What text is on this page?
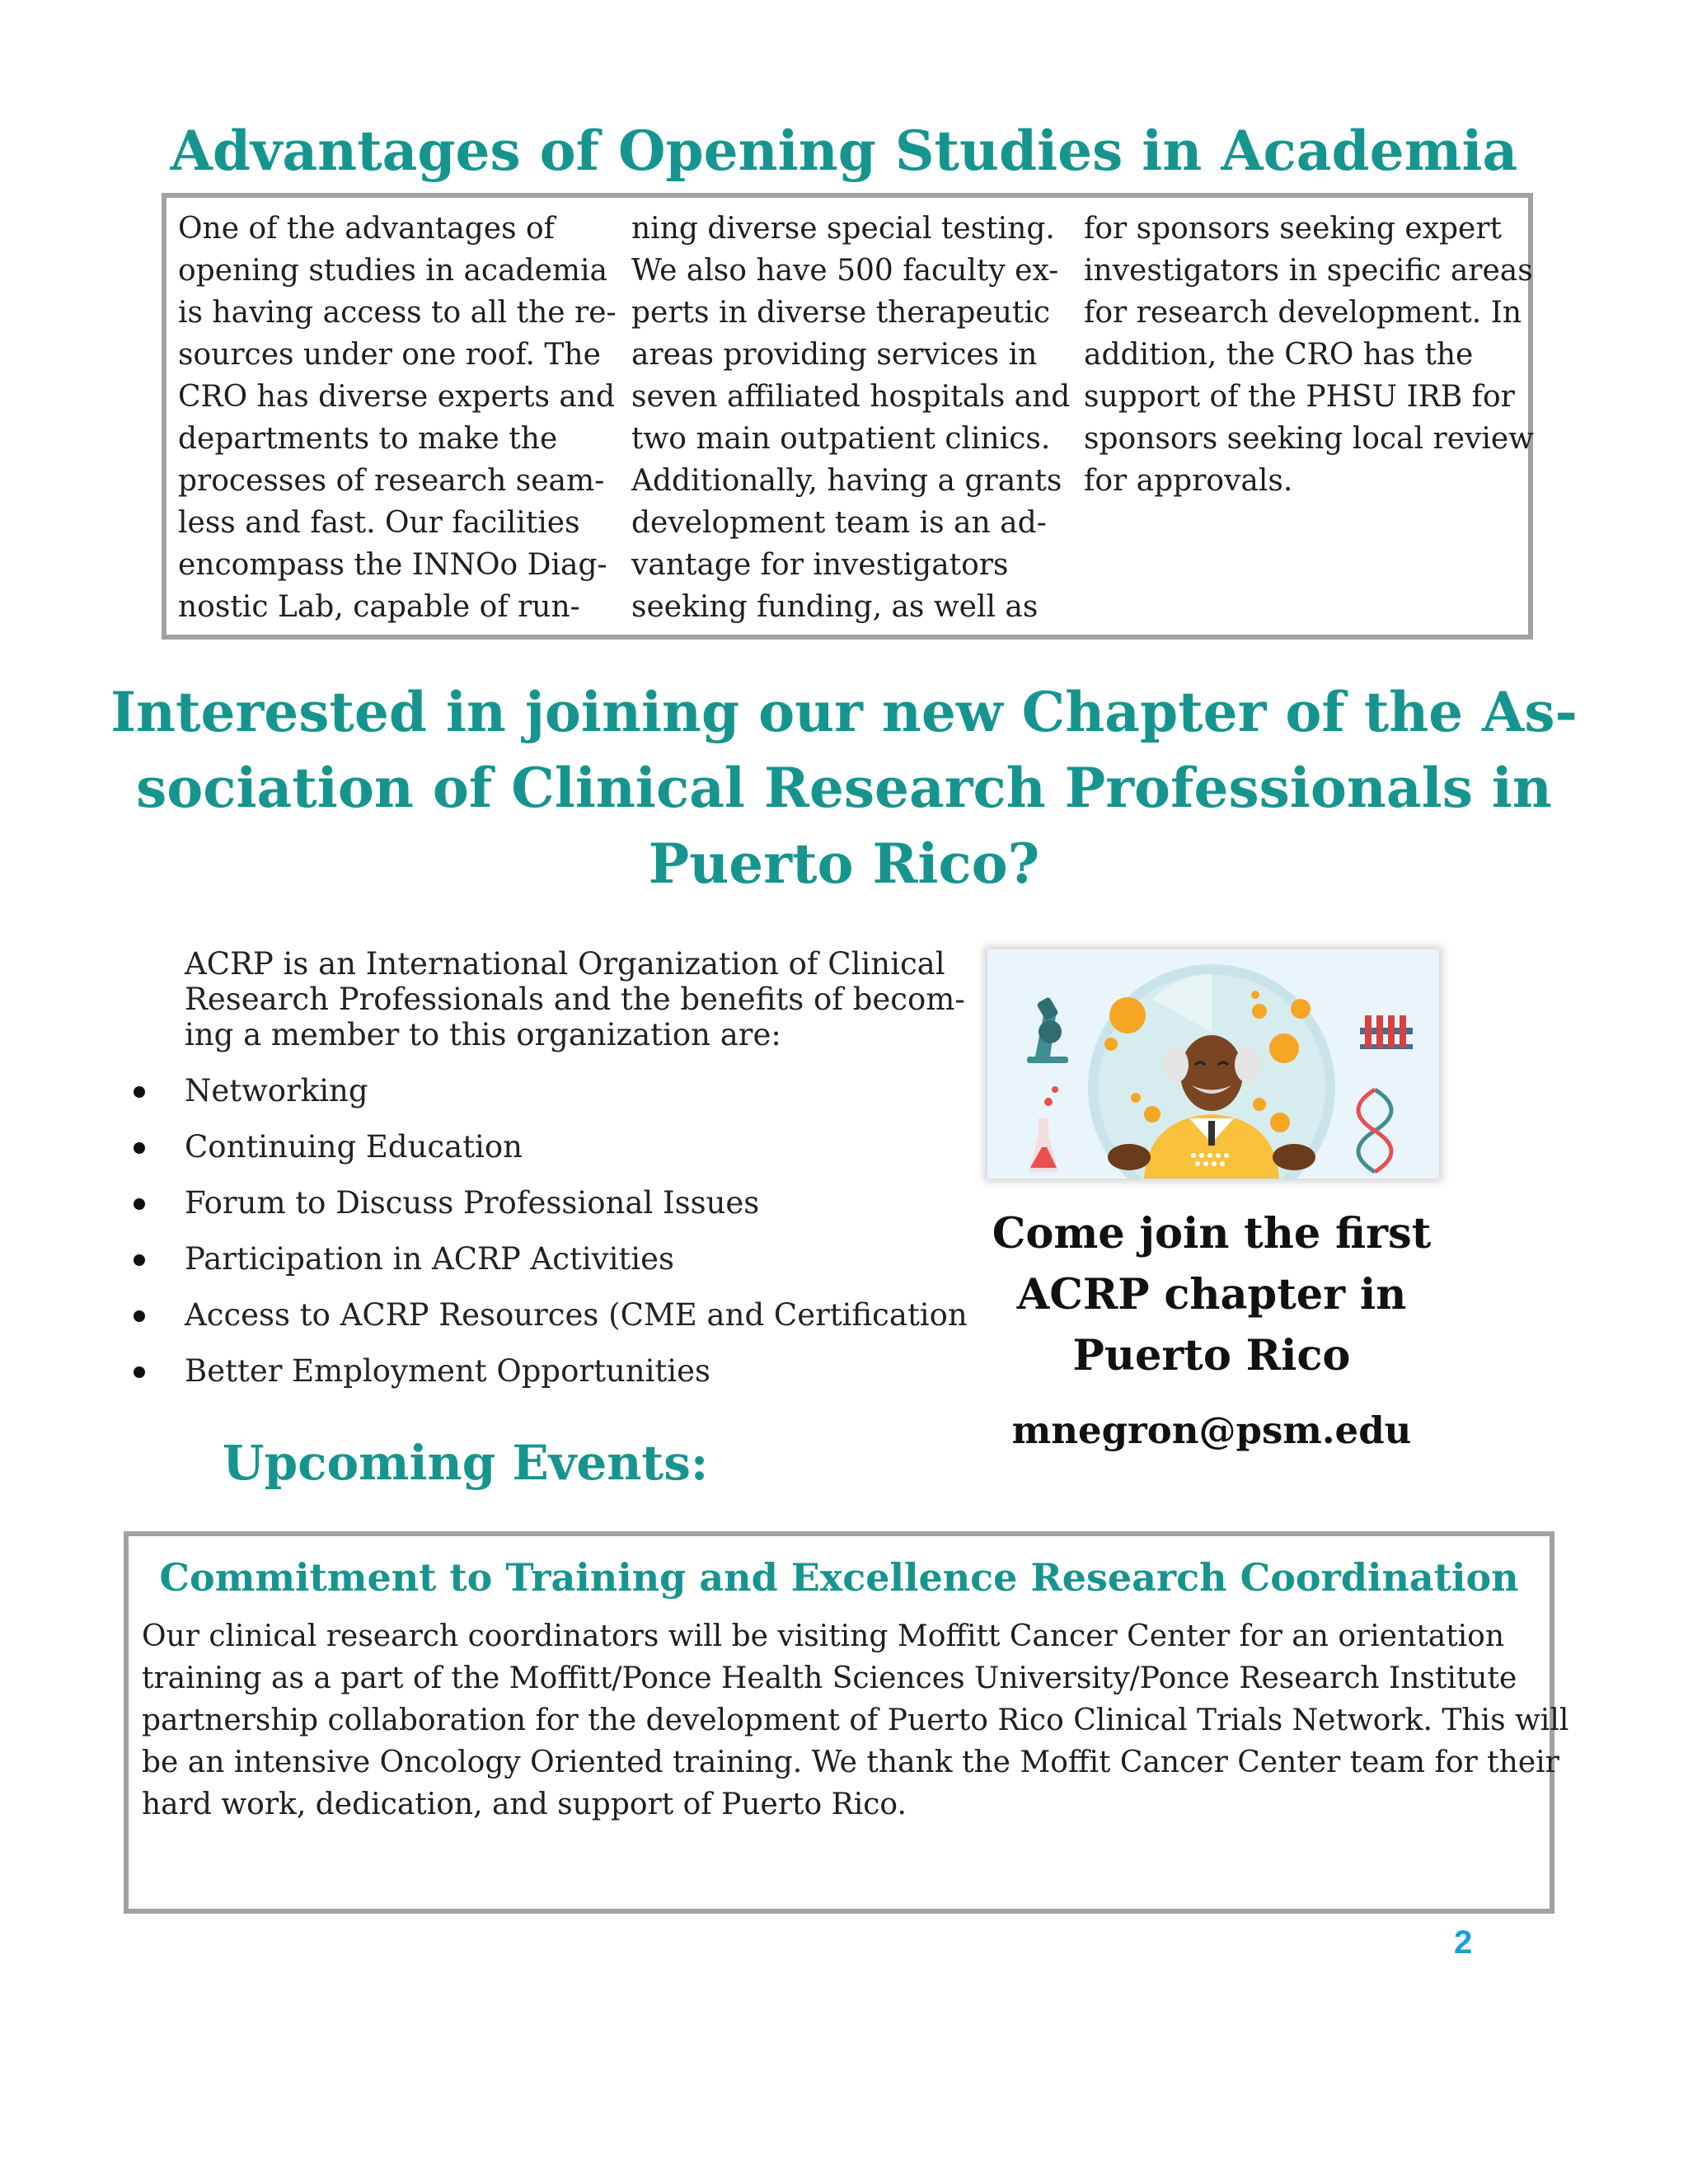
Advantages of Opening Studies in Academia
One of the advantages of
opening studies in academia
is having access to all the re-
sources under one roof. The
CRO has diverse experts and
departments to make the
processes of research seam-
less and fast. Our facilities
encompass the INNOo Diag-
nostic Lab, capable of run-
ning diverse special testing.
We also have 500 faculty ex-
perts in diverse therapeutic
areas providing services in
seven affiliated hospitals and
two main outpatient clinics.
Additionally, having a grants
development team is an ad-
vantage for investigators
seeking funding, as well as
for sponsors seeking expert
investigators in specific areas
for research development. In
addition, the CRO has the
support of the PHSU IRB for
sponsors seeking local review
for approvals.
Interested in joining our new Chapter of the As-
sociation of Clinical Research Professionals in
Puerto Rico?
ACRP is an International Organization of Clinical
Research Professionals and the benefits of becom-
ing a member to this organization are:
Networking
Continuing Education
Forum to Discuss Professional Issues
Participation in ACRP Activities
Access to ACRP Resources (CME and Certification
Better Employment Opportunities
Come join the first
ACRP chapter in
Puerto Rico
mnegron@psm.edu
Upcoming Events:
Commitment to Training and Excellence Research Coordination
Our clinical research coordinators will be visiting Moffitt Cancer Center for an orientation
training as a part of the Moffitt/Ponce Health Sciences University/Ponce Research Institute
partnership collaboration for the development of Puerto Rico Clinical Trials Network. This will
be an intensive Oncology Oriented training. We thank the Moffit Cancer Center team for their
hard work, dedication, and support of Puerto Rico.
2
